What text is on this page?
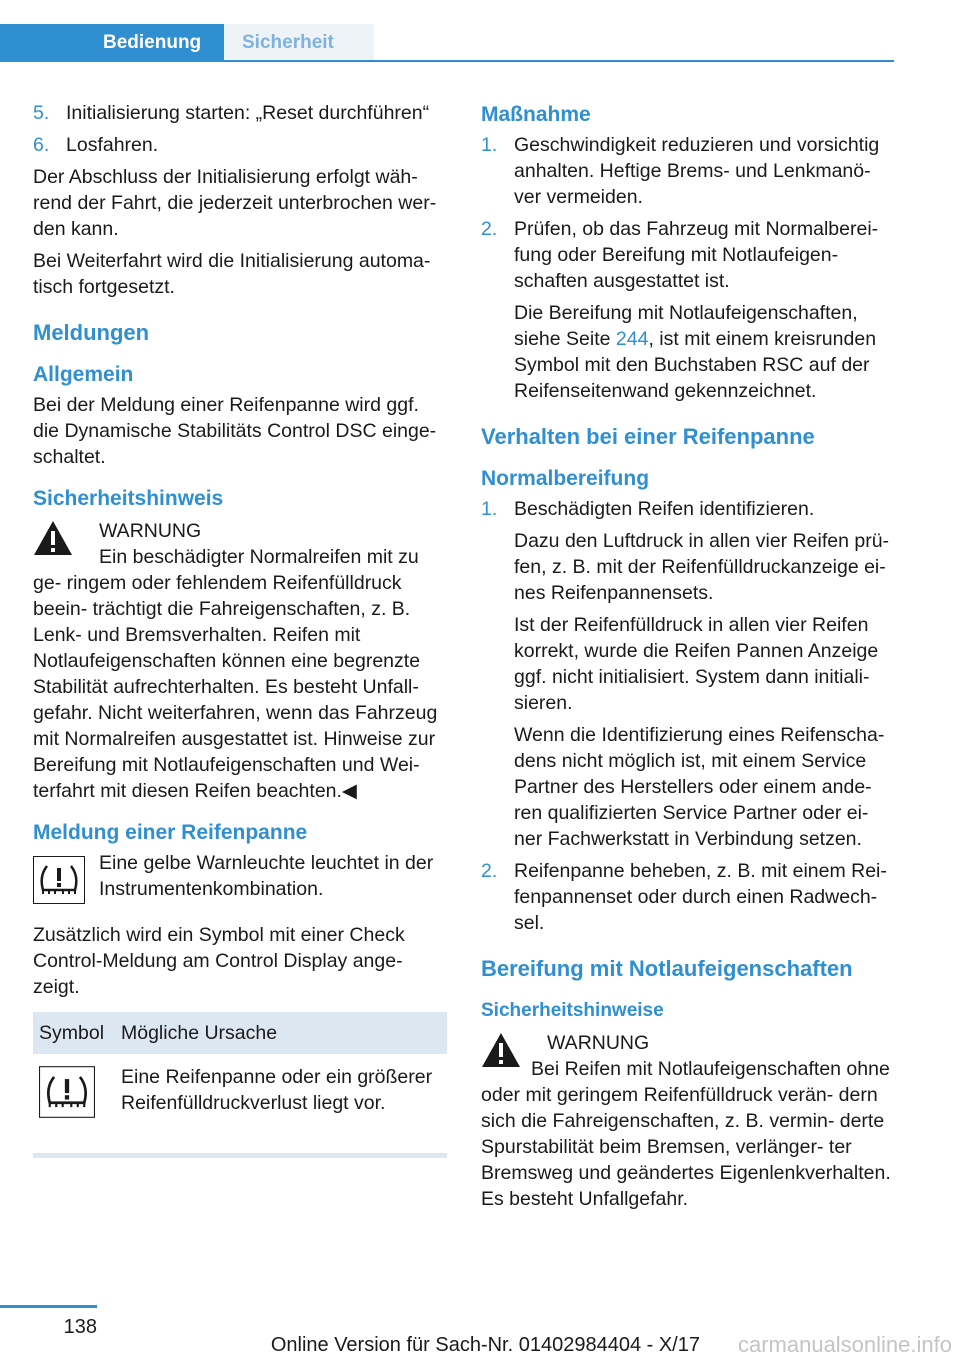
Bedienung	Sicherheit
5. Initialisierung starten: „Reset durchführen“
6. Losfahren.

Der Abschluss der Initialisierung erfolgt wäh‐ rend der Fahrt, die jederzeit unterbrochen wer‐ den kann.

Bei Weiterfahrt wird die Initialisierung automa‐ tisch fortgesetzt.

Meldungen
Allgemein

Bei der Meldung einer Reifenpanne wird ggf. die Dynamische Stabilitäts Control DSC einge‐ schaltet.

Sicherheitshinweis
WARNUNG
Ein beschädigter Normalreifen mit zu ge‐ ringem oder fehlendem Reifenfülldruck beein‐ trächtigt die Fahreigenschaften, z. B. Lenk- und Bremsverhalten. Reifen mit Notlaufeigenschaften können eine begrenzte Stabilität aufrechterhalten. Es besteht Unfall‐ gefahr. Nicht weiterfahren, wenn das Fahrzeug mit Normalreifen ausgestattet ist. Hinweise zur Bereifung mit Notlaufeigenschaften und Wei‐ terfahrt mit diesen Reifen beachten.◀
Meldung einer Reifenpanne
Eine gelbe Warnleuchte leuchtet in der Instrumentenkombination.

Zusätzlich wird ein Symbol mit einer Check Control-Meldung am Control Display ange‐ zeigt.

Symbol	Mögliche Ursache
	Eine Reifenpanne oder ein größerer Reifenfülldruckverlust liegt vor.
Maßnahme
1. Geschwindigkeit reduzieren und vorsichtig anhalten. Heftige Brems- und Lenkmanö‐ ver vermeiden.

2. Prüfen, ob das Fahrzeug mit Normalberei‐ fung oder Bereifung mit Notlaufeigen‐ schaften ausgestattet ist.

Die Bereifung mit Notlaufeigenschaften, siehe Seite 244, ist mit einem kreisrunden Symbol mit den Buchstaben RSC auf der Reifenseitenwand gekennzeichnet.

Verhalten bei einer Reifenpanne
Normalbereifung
1. Beschädigten Reifen identifizieren.

Dazu den Luftdruck in allen vier Reifen prü‐ fen, z. B. mit der Reifenfülldruckanzeige ei‐ nes Reifenpannensets.

Ist der Reifenfülldruck in allen vier Reifen korrekt, wurde die Reifen Pannen Anzeige ggf. nicht initialisiert. System dann initiali‐ sieren.

Wenn die Identifizierung eines Reifenscha‐ dens nicht möglich ist, mit einem Service Partner des Herstellers oder einem ande‐ ren qualifizierten Service Partner oder ei‐ ner Fachwerkstatt in Verbindung setzen.

2. Reifenpanne beheben, z. B. mit einem Rei‐ fenpannenset oder durch einen Radwech‐ sel.

Bereifung mit Notlaufeigenschaften
Sicherheitshinweise
WARNUNG
Bei Reifen mit Notlaufeigenschaften ohne oder mit geringem Reifenfülldruck verän‐ dern sich die Fahreigenschaften, z. B. vermin‐ derte Spurstabilität beim Bremsen, verlänger‐ ter Bremsweg und geändertes Eigenlenkverhalten. Es besteht Unfallgefahr.
138
Online Version für Sach-Nr. 01402984404 - X/17 carmanualsonline.info
